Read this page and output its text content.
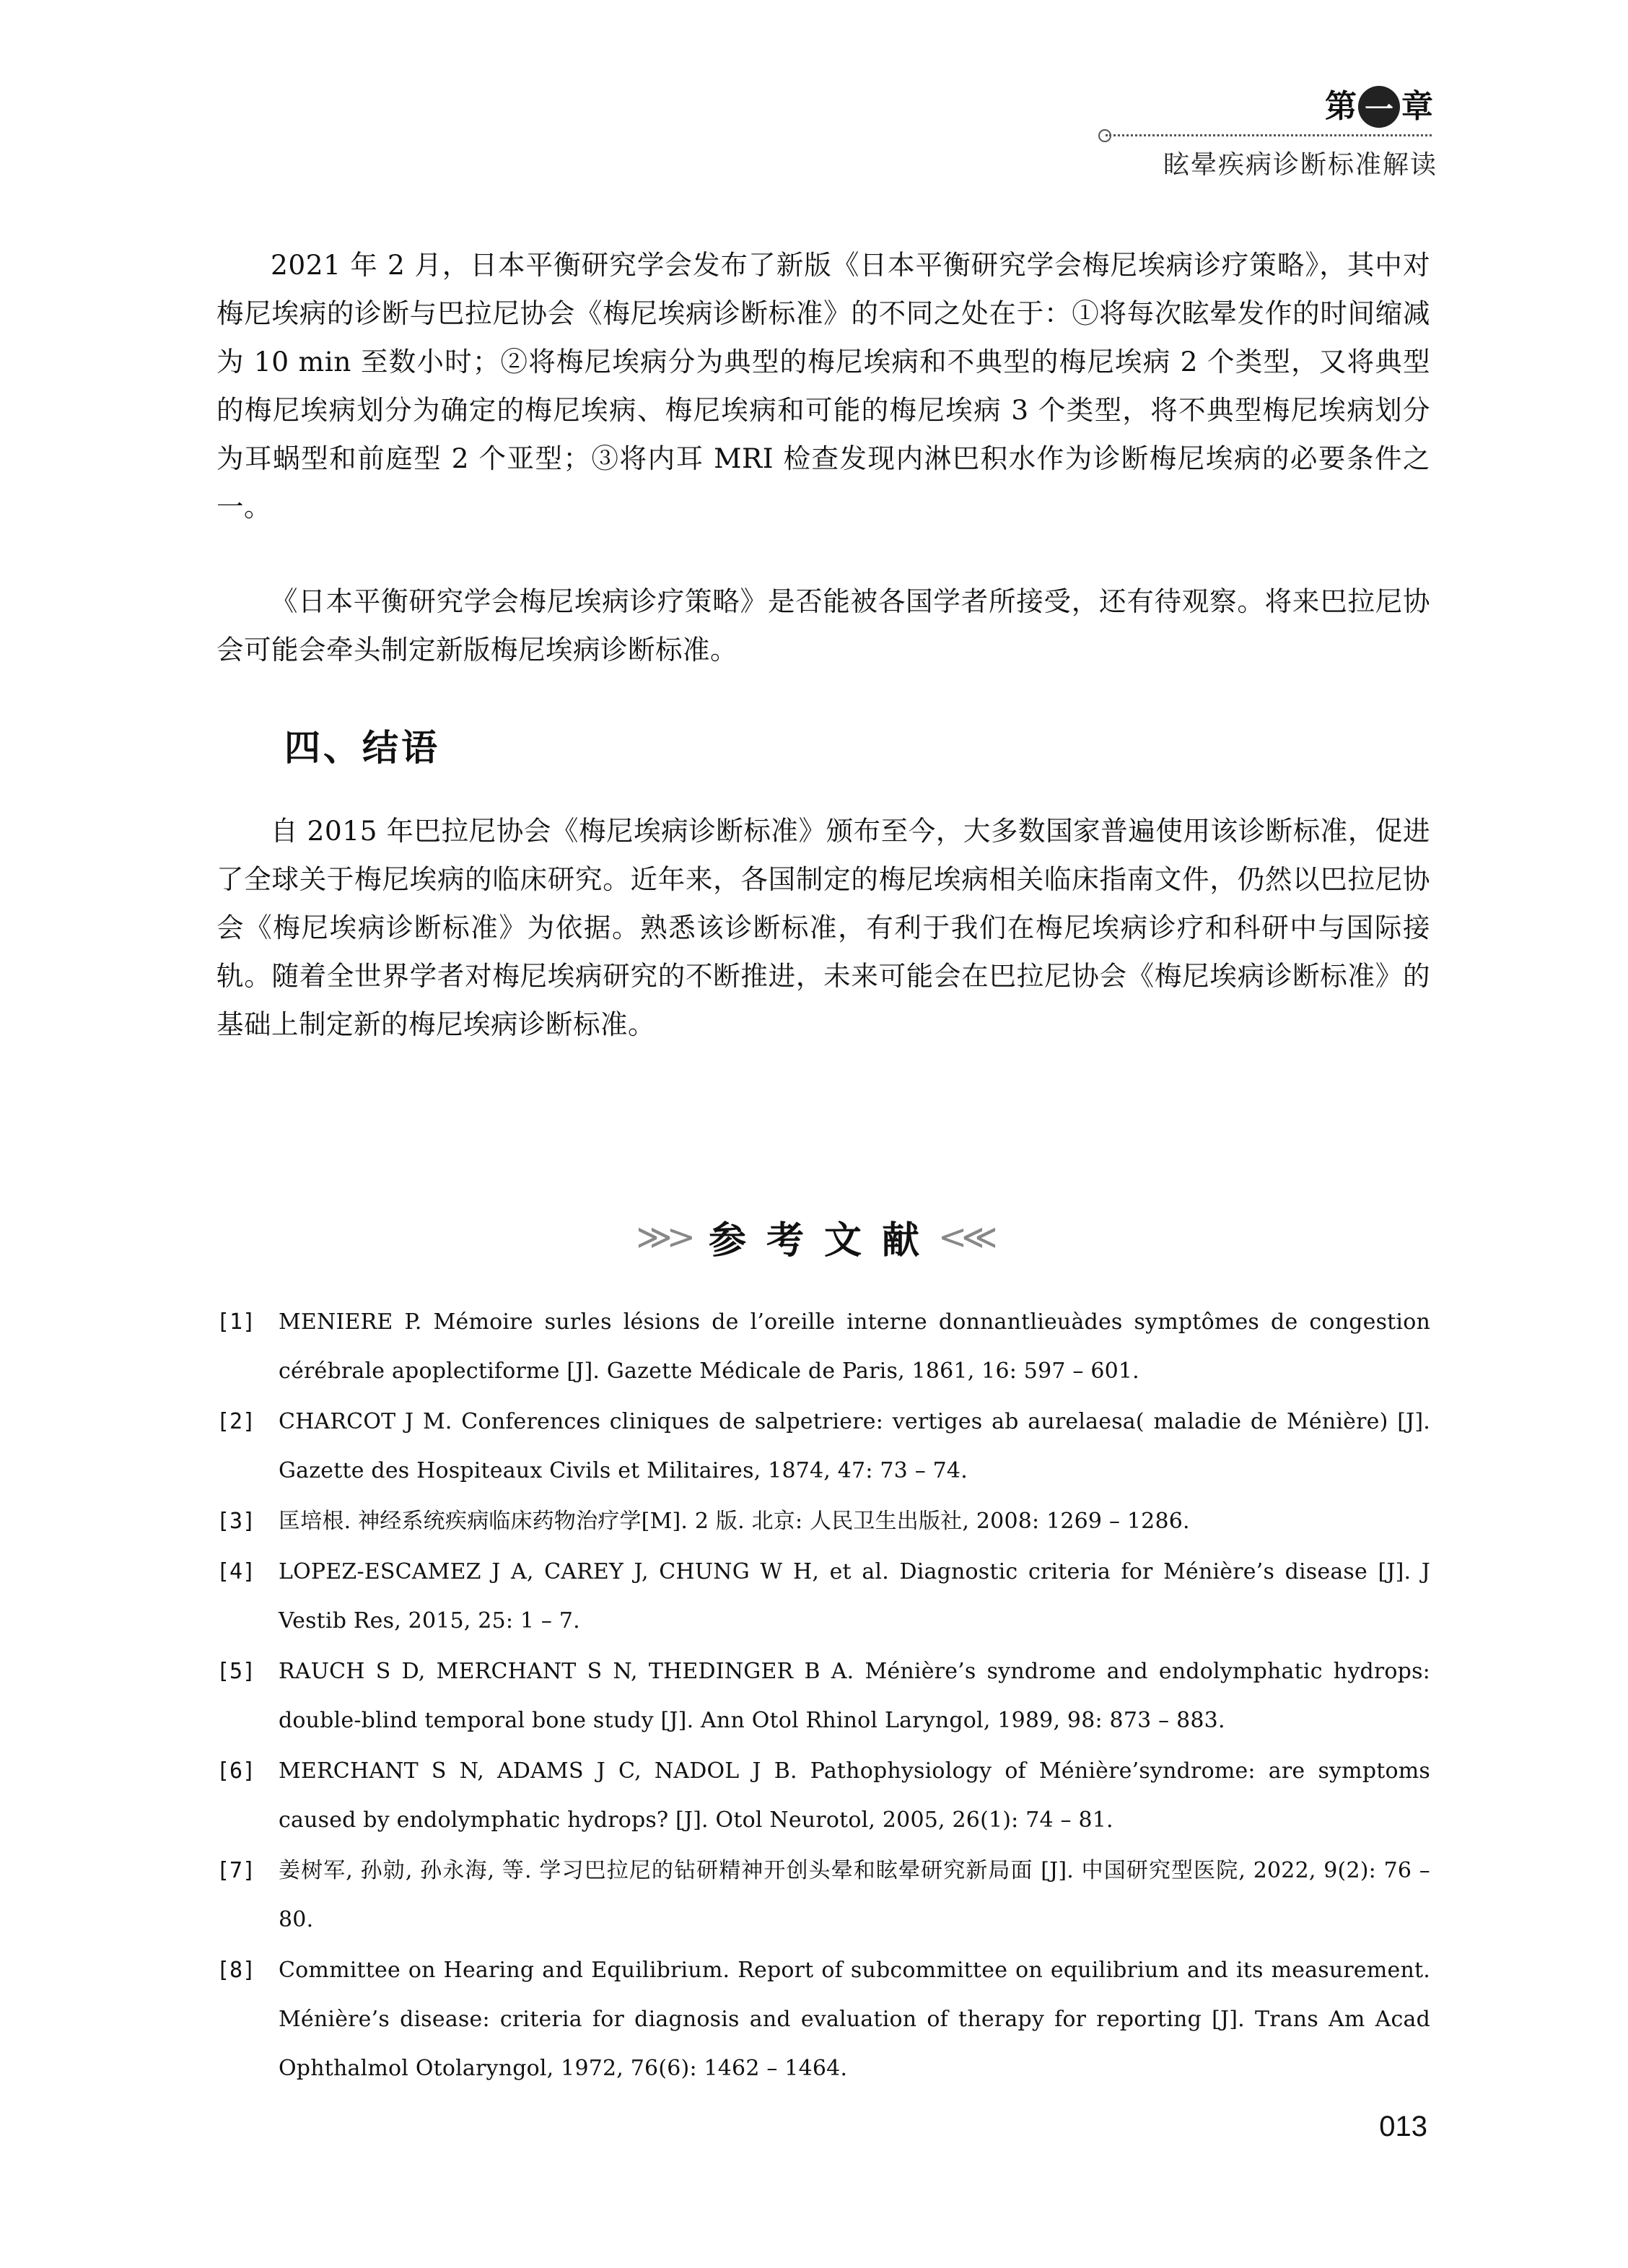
第 一 章
眩晕疾病诊断标准解读

2021 年 2 月，日本平衡研究学会发布了新版《日本平衡研究学会梅尼埃病诊疗策略》，其中对梅尼埃病的诊断与巴拉尼协会《梅尼埃病诊断标准》的不同之处在于：①将每次眩晕发作的时间缩减为 10 min 至数小时；②将梅尼埃病分为典型的梅尼埃病和不典型的梅尼埃病 2 个类型，又将典型的梅尼埃病划分为确定的梅尼埃病、梅尼埃病和可能的梅尼埃病 3 个类型，将不典型梅尼埃病划分为耳蜗型和前庭型 2 个亚型；③将内耳 MRI 检查发现内淋巴积水作为诊断梅尼埃病的必要条件之一。

《日本平衡研究学会梅尼埃病诊疗策略》是否能被各国学者所接受，还有待观察。将来巴拉尼协会可能会牵头制定新版梅尼埃病诊断标准。

四、结语

自 2015 年巴拉尼协会《梅尼埃病诊断标准》颁布至今，大多数国家普遍使用该诊断标准，促进了全球关于梅尼埃病的临床研究。近年来，各国制定的梅尼埃病相关临床指南文件，仍然以巴拉尼协会《梅尼埃病诊断标准》为依据。熟悉该诊断标准，有利于我们在梅尼埃病诊疗和科研中与国际接轨。随着全世界学者对梅尼埃病研究的不断推进，未来可能会在巴拉尼协会《梅尼埃病诊断标准》的基础上制定新的梅尼埃病诊断标准。

≫> 参考文献
<≪
[1]	MENIERE P. Mémoire surles lésions de l’oreille interne donnantlieuàdes symptômes de congestion cérébrale apoplectiforme [J]. Gazette Médicale de Paris, 1861, 16: 597 – 601.
[2]	CHARCOT J M. Conferences cliniques de salpetriere: vertiges ab aurelaesa( maladie de Ménière) [J]. Gazette des Hospiteaux Civils et Militaires, 1874, 47: 73 – 74.
[3]	匡培根. 神经系统疾病临床药物治疗学[M]. 2 版. 北京: 人民卫生出版社, 2008: 1269 – 1286.
[4]	LOPEZ-ESCAMEZ J A, CAREY J, CHUNG W H, et al. Diagnostic criteria for Ménière’s disease [J]. J Vestib Res, 2015, 25: 1 – 7.
[5]	RAUCH S D, MERCHANT S N, THEDINGER B A. Ménière’s syndrome and endolymphatic hydrops: double-blind temporal bone study [J]. Ann Otol Rhinol Laryngol, 1989, 98: 873 – 883.
[6]	MERCHANT S N, ADAMS J C, NADOL J B. Pathophysiology of Ménière’syndrome: are symptoms caused by endolymphatic hydrops? [J]. Otol Neurotol, 2005, 26(1): 74 – 81.
[7]	姜树军, 孙勍, 孙永海, 等. 学习巴拉尼的钻研精神开创头晕和眩晕研究新局面 [J]. 中国研究型医院, 2022, 9(2): 76 – 80.
[8]	Committee on Hearing and Equilibrium. Report of subcommittee on equilibrium and its measurement. Ménière’s disease: criteria for diagnosis and evaluation of therapy for reporting [J]. Trans Am Acad Ophthalmol Otolaryngol, 1972, 76(6): 1462 – 1464.
013
